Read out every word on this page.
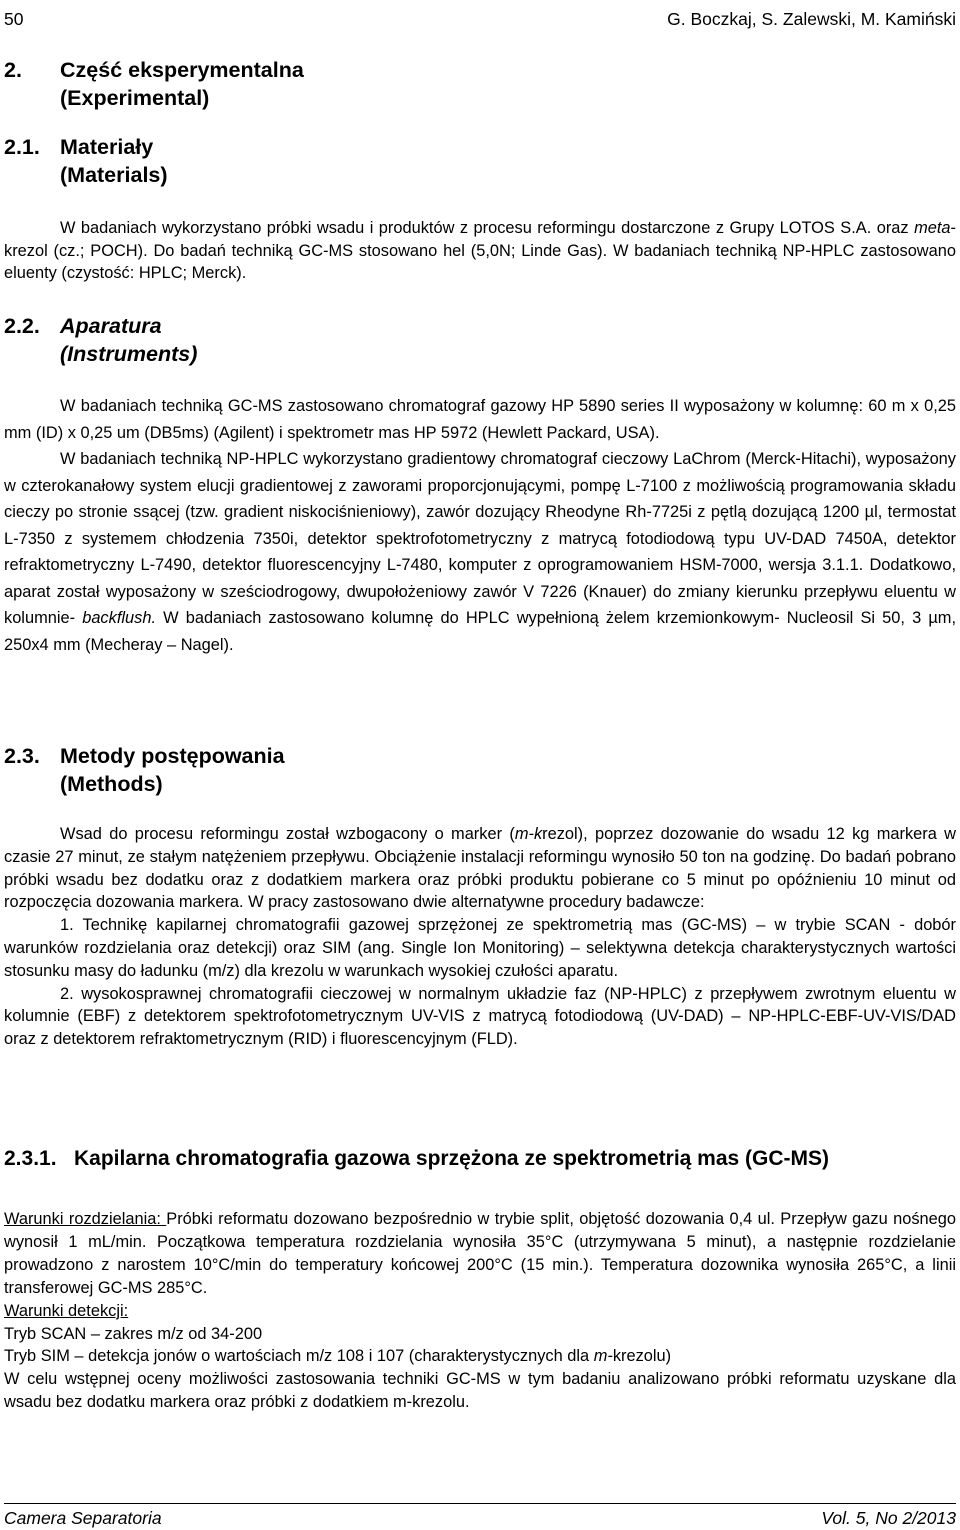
50	G. Boczkaj, S. Zalewski, M. Kamiński
2. Część eksperymentalna
(Experimental)
2.1. Materiały
(Materials)

W badaniach wykorzystano próbki wsadu i produktów z procesu reformingu dostarczone z Grupy LOTOS S.A. oraz meta-krezol (cz.; POCH). Do badań techniką GC-MS stosowano hel (5,0N; Linde Gas). W badaniach techniką NP-HPLC zastosowano eluenty (czystość: HPLC; Merck).

2.2. Aparatura
(Instruments)

W badaniach techniką GC-MS zastosowano chromatograf gazowy HP 5890 series II wyposażony w kolumnę: 60 m x 0,25 mm (ID) x 0,25 um (DB5ms) (Agilent) i spektrometr mas HP 5972 (Hewlett Packard, USA).

W badaniach techniką NP-HPLC wykorzystano gradientowy chromatograf cieczowy LaChrom (Merck-Hitachi), wyposażony w czterokanałowy system elucji gradientowej z zaworami proporcjonującymi, pompę L-7100 z możliwością programowania składu cieczy po stronie ssącej (tzw. gradient niskociśnieniowy), zawór dozujący Rheodyne Rh-7725i z pętlą dozującą 1200 µl, termostat L-7350 z systemem chłodzenia 7350i, detektor spektrofotometryczny z matrycą fotodiodową typu UV-DAD 7450A, detektor refraktometryczny L-7490, detektor fluorescencyjny L-7480, komputer z oprogramowaniem HSM-7000, wersja 3.1.1. Dodatkowo, aparat został wyposażony w sześciodrogowy, dwupołożeniowy zawór V 7226 (Knauer) do zmiany kierunku przepływu eluentu w kolumnie- backflush. W badaniach zastosowano kolumnę do HPLC wypełnioną żelem krzemionkowym- Nucleosil Si 50, 3 µm, 250x4 mm (Mecheray – Nagel).

2.3. Metody postępowania
(Methods)

Wsad do procesu reformingu został wzbogacony o marker (m-krezol), poprzez dozowanie do wsadu 12 kg markera w czasie 27 minut, ze stałym natężeniem przepływu. Obciążenie instalacji reformingu wynosiło 50 ton na godzinę. Do badań pobrano próbki wsadu bez dodatku oraz z dodatkiem markera oraz próbki produktu pobierane co 5 minut po opóźnieniu 10 minut od rozpoczęcia dozowania markera. W pracy zastosowano dwie alternatywne procedury badawcze:

1. Technikę kapilarnej chromatografii gazowej sprzężonej ze spektrometrią mas (GC-MS) – w trybie SCAN - dobór warunków rozdzielania oraz detekcji) oraz SIM (ang. Single Ion Monitoring) – selektywna detekcja charakterystycznych wartości stosunku masy do ładunku (m/z) dla krezolu w warunkach wysokiej czułości aparatu.

2. wysokosprawnej chromatografii cieczowej w normalnym układzie faz (NP-HPLC) z przepływem zwrotnym eluentu w kolumnie (EBF) z detektorem spektrofotometrycznym UV-VIS z matrycą fotodiodową (UV-DAD) – NP-HPLC-EBF-UV-VIS/DAD oraz z detektorem refraktometrycznym (RID) i fluorescencyjnym (FLD).

2.3.1. Kapilarna chromatografia gazowa sprzężona ze spektrometrią mas (GC-MS)

Warunki rozdzielania: Próbki reformatu dozowano bezpośrednio w trybie split, objętość dozowania 0,4 ul. Przepływ gazu nośnego wynosił 1 mL/min. Początkowa temperatura rozdzielania wynosiła 35°C (utrzymywana 5 minut), a następnie rozdzielanie prowadzono z narostem 10°C/min do temperatury końcowej 200°C (15 min.). Temperatura dozownika wynosiła 265°C, a linii transferowej GC-MS 285°C.

Warunki detekcji:

Tryb SCAN – zakres m/z od 34-200

Tryb SIM – detekcja jonów o wartościach m/z 108 i 107 (charakterystycznych dla m-krezolu)

W celu wstępnej oceny możliwości zastosowania techniki GC-MS w tym badaniu analizowano próbki reformatu uzyskane dla wsadu bez dodatku markera oraz próbki z dodatkiem m-krezolu.

Camera Separatoria	Vol. 5, No 2/2013
